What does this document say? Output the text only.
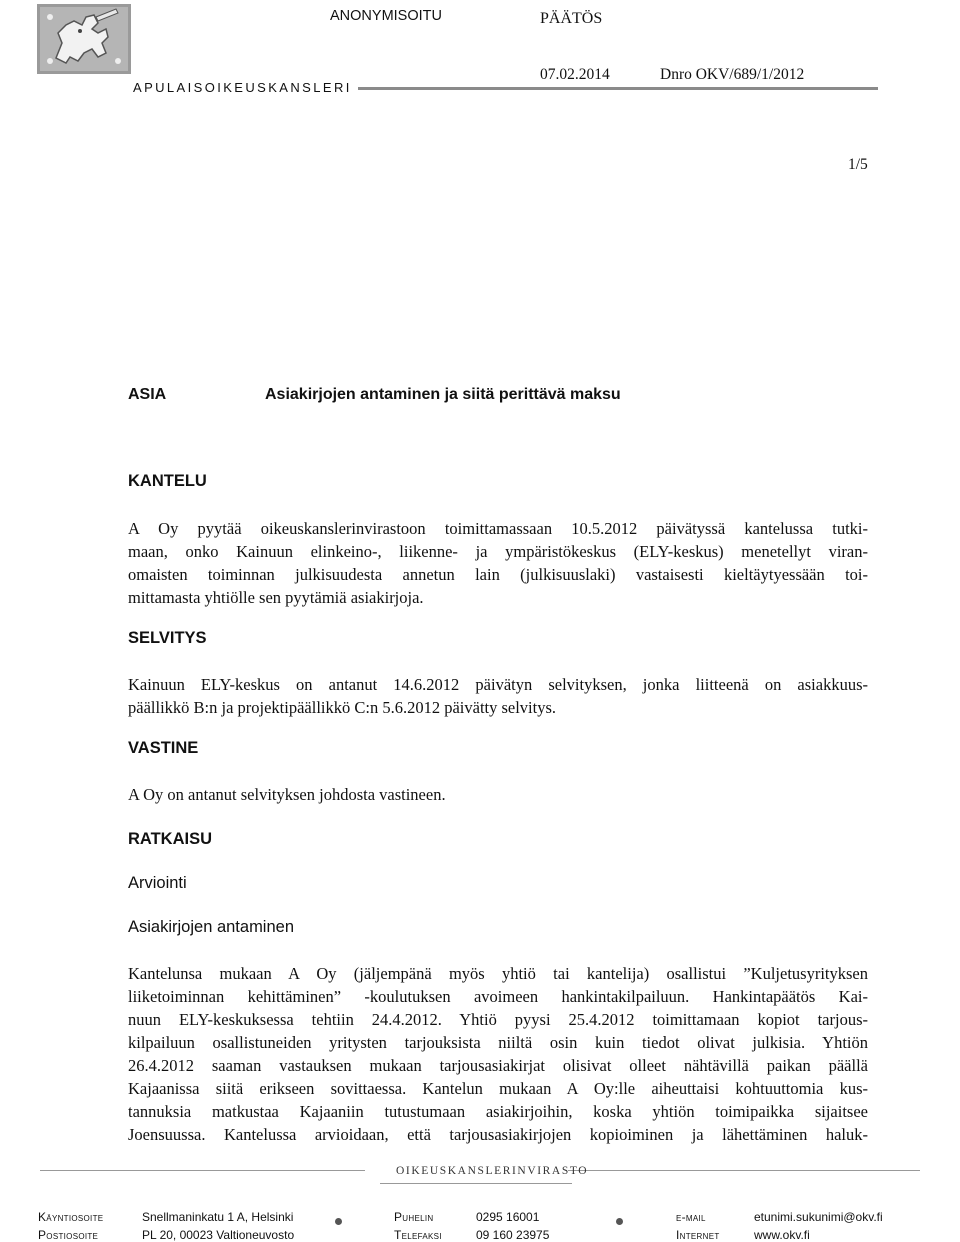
ANONYMISOITU	PÄÄTÖS
07.02.2014	Dnro OKV/689/1/2012
APULAISOIKEUSKANSLERI
1/5
ASIA	Asiakirjojen antaminen ja siitä perittävä maksu
KANTELU
A Oy pyytää oikeuskanslerinvirastoon toimittamassaan 10.5.2012 päivätyssä kantelussa tutki-
maan, onko Kainuun elinkeino-, liikenne- ja ympäristökeskus (ELY-keskus) menetellyt viran-
omaisten toiminnan julkisuudesta annetun lain (julkisuuslaki) vastaisesti kieltäytyessään toi-
mittamasta yhtiölle sen pyytämiä asiakirjoja.
SELVITYS
Kainuun ELY-keskus on antanut 14.6.2012 päivätyn selvityksen, jonka liitteenä on asiakkuus-
päällikkö B:n ja projektipäällikkö C:n 5.6.2012 päivätty selvitys.
VASTINE
A Oy on antanut selvityksen johdosta vastineen.
RATKAISU
Arviointi
Asiakirjojen antaminen
Kantelunsa mukaan A Oy (jäljempänä myös yhtiö tai kantelija) osallistui ”Kuljetusyrityksen
liiketoiminnan kehittäminen” -koulutuksen avoimeen hankintakilpailuun. Hankintapäätös Kai-
nuun ELY-keskuksessa tehtiin 24.4.2012. Yhtiö pyysi 25.4.2012 toimittamaan kopiot tarjous-
kilpailuun osallistuneiden yritysten tarjouksista niiltä osin kuin tiedot olivat julkisia. Yhtiön
26.4.2012 saaman vastauksen mukaan tarjousasiakirjat olisivat olleet nähtävillä paikan päällä
Kajaanissa siitä erikseen sovittaessa. Kantelun mukaan A Oy:lle aiheuttaisi kohtuuttomia kus-
tannuksia matkustaa Kajaaniin tutustumaan asiakirjoihin, koska yhtiön toimipaikka sijaitsee
Joensuussa. Kantelussa arvioidaan, että tarjousasiakirjojen kopioiminen ja lähettäminen haluk-
OIKEUSKANSLERINVIRASTO
Käyntiosoite	Snellmaninkatu 1 A, Helsinki
Postiosoite	PL 20, 00023 Valtioneuvosto
Puhelin	0295 16001
Telefaksi	09 160 23975
e-mail	etunimi.sukunimi@okv.fi
Internet	www.okv.fi
